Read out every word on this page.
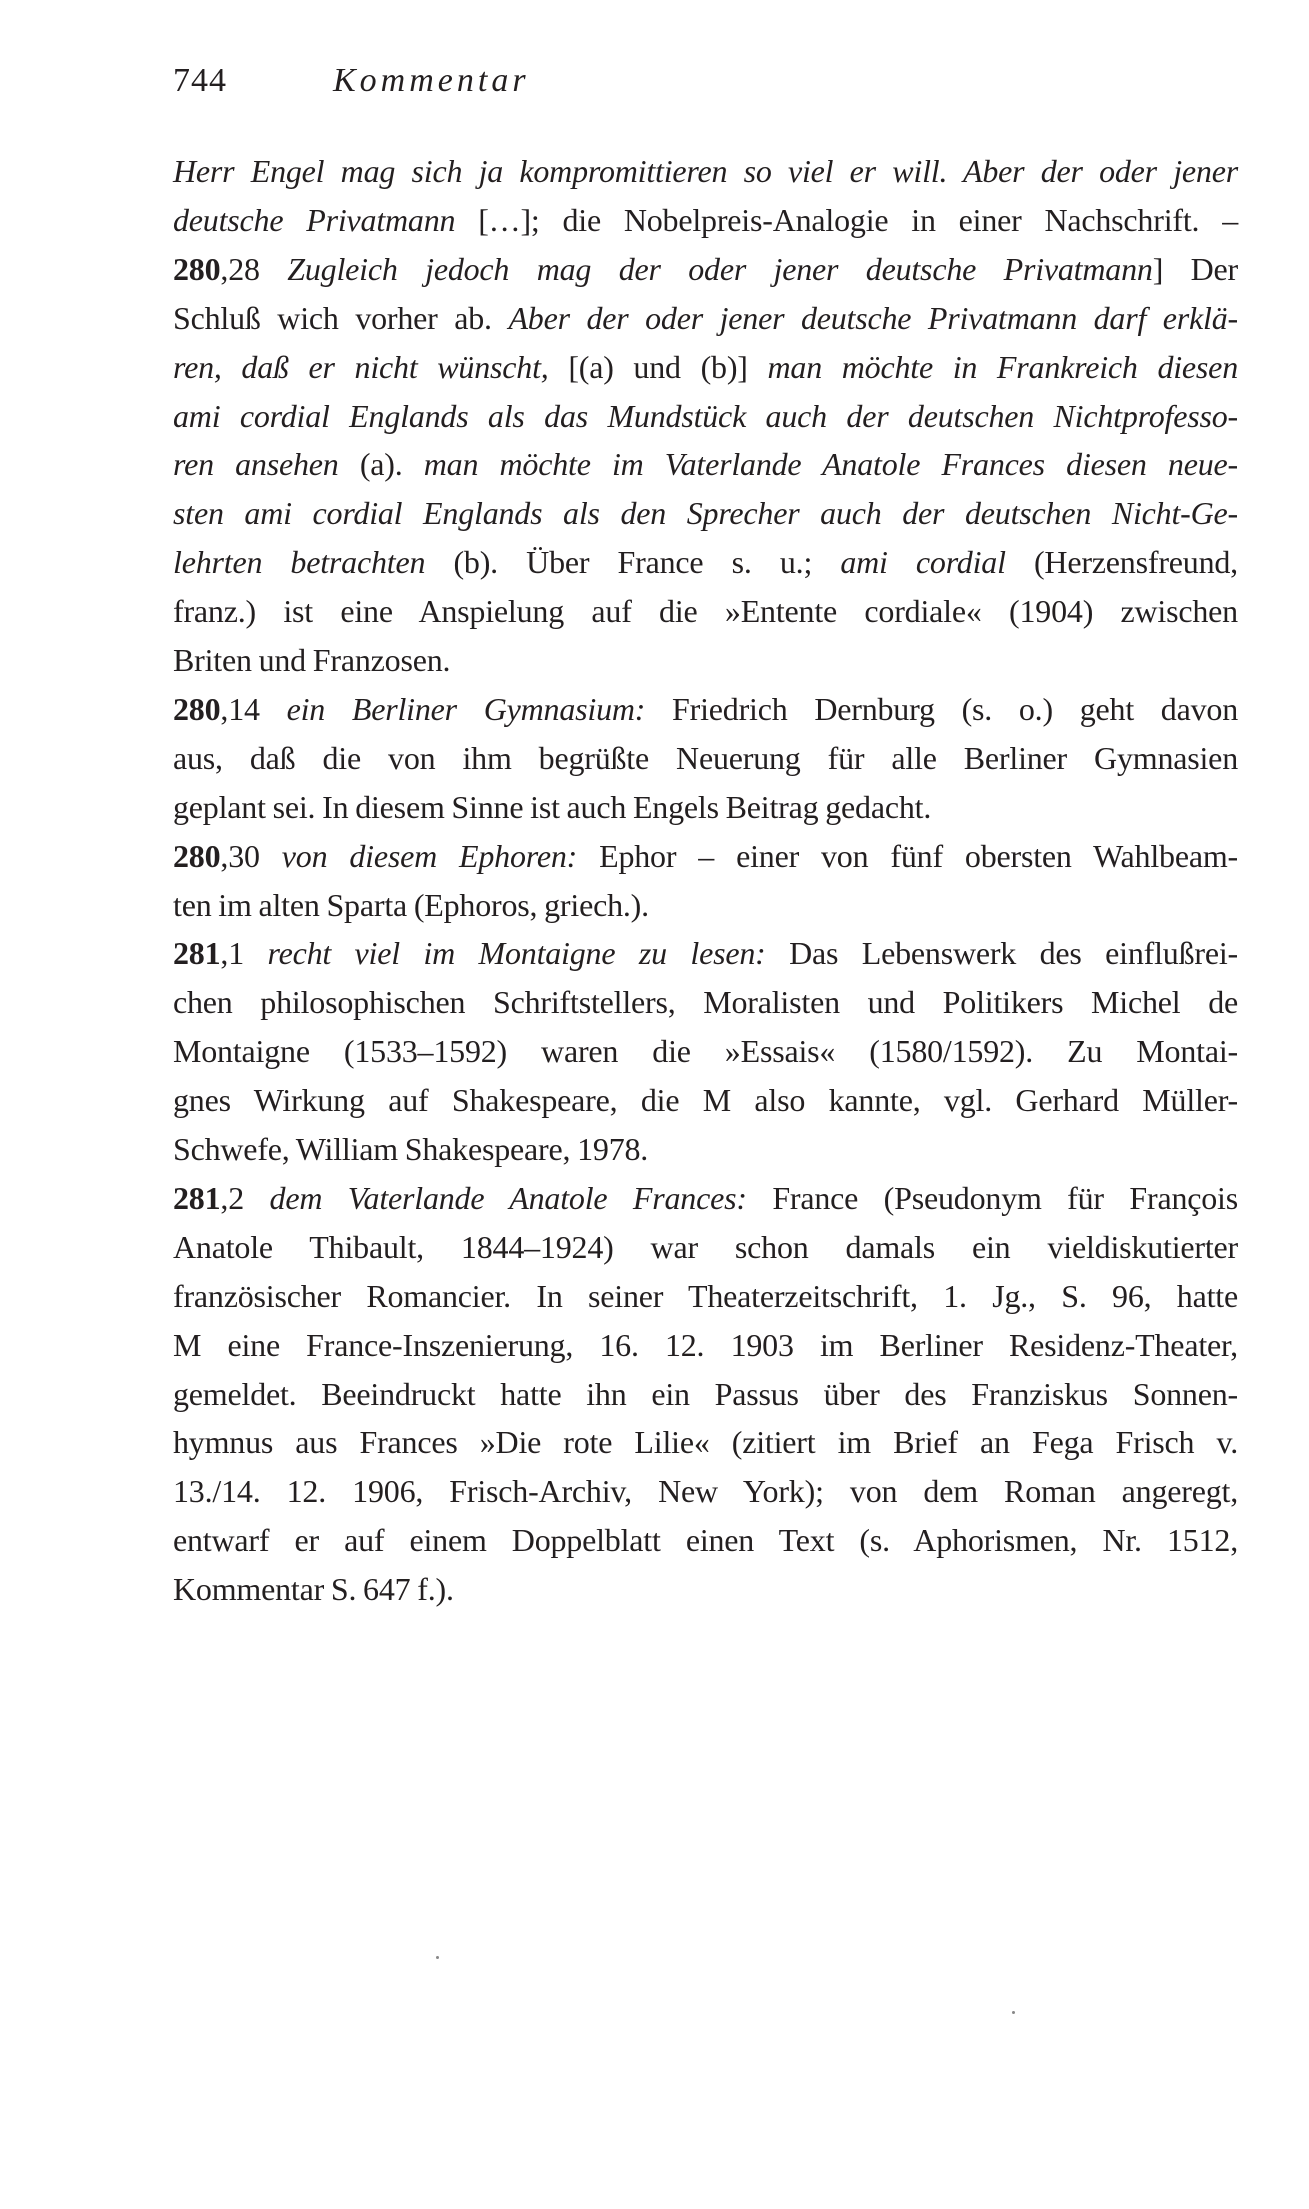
744	Kommentar
Herr Engel mag sich ja kompromittieren so viel er will. Aber der oder jener
deutsche Privatmann […]; die Nobelpreis-Analogie in einer Nachschrift. –
280,28 Zugleich jedoch mag der oder jener deutsche Privatmann] Der
Schluß wich vorher ab. Aber der oder jener deutsche Privatmann darf erklä-
ren, daß er nicht wünscht, [(a) und (b)] man möchte in Frankreich diesen
ami cordial Englands als das Mundstück auch der deutschen Nichtprofesso-
ren ansehen (a). man möchte im Vaterlande Anatole Frances diesen neue-
sten ami cordial Englands als den Sprecher auch der deutschen Nicht-Ge-
lehrten betrachten (b). Über France s. u.; ami cordial (Herzensfreund,
franz.) ist eine Anspielung auf die »Entente cordiale« (1904) zwischen
Briten und Franzosen.
280,14 ein Berliner Gymnasium: Friedrich Dernburg (s. o.) geht davon
aus, daß die von ihm begrüßte Neuerung für alle Berliner Gymnasien
geplant sei. In diesem Sinne ist auch Engels Beitrag gedacht.
280,30 von diesem Ephoren: Ephor – einer von fünf obersten Wahlbeam-
ten im alten Sparta (Ephoros, griech.).
281,1 recht viel im Montaigne zu lesen: Das Lebenswerk des einflußrei-
chen philosophischen Schriftstellers, Moralisten und Politikers Michel de
Montaigne (1533–1592) waren die »Essais« (1580/1592). Zu Montai-
gnes Wirkung auf Shakespeare, die M also kannte, vgl. Gerhard Müller-
Schwefe, William Shakespeare, 1978.
281,2 dem Vaterlande Anatole Frances: France (Pseudonym für François
Anatole Thibault, 1844–1924) war schon damals ein vieldiskutierter
französischer Romancier. In seiner Theaterzeitschrift, 1. Jg., S. 96, hatte
M eine France-Inszenierung, 16. 12. 1903 im Berliner Residenz-Theater,
gemeldet. Beeindruckt hatte ihn ein Passus über des Franziskus Sonnen-
hymnus aus Frances »Die rote Lilie« (zitiert im Brief an Fega Frisch v.
13./14. 12. 1906, Frisch-Archiv, New York); von dem Roman angeregt,
entwarf er auf einem Doppelblatt einen Text (s. Aphorismen, Nr. 1512,
Kommentar S. 647 f.).
